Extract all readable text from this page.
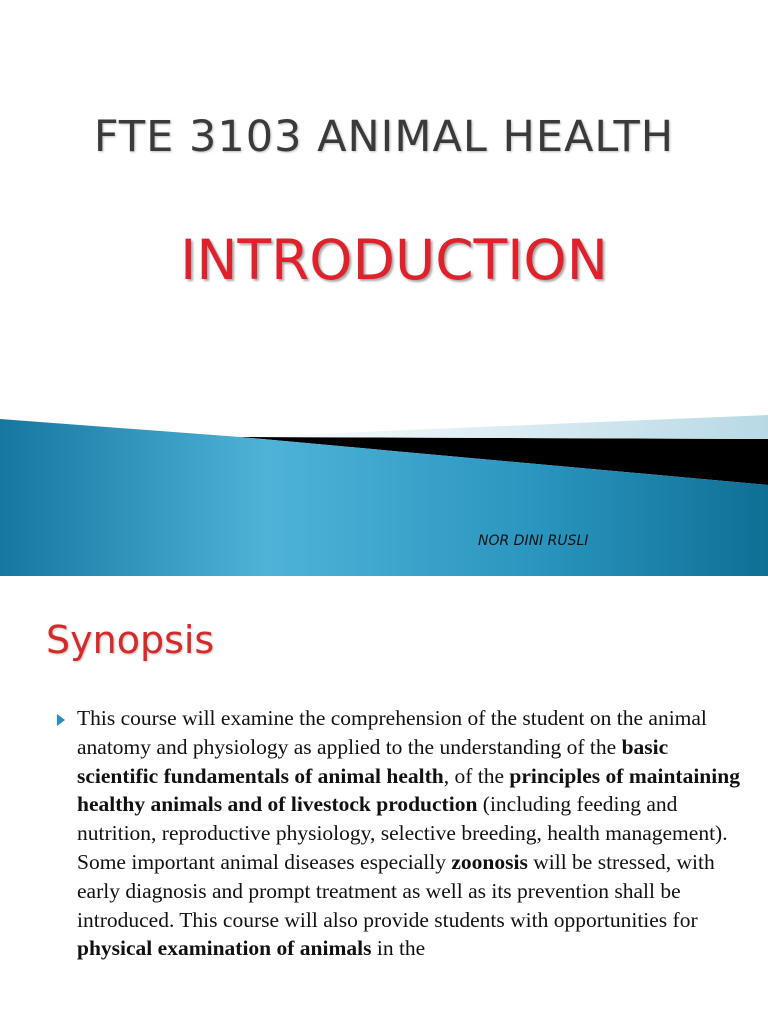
FTE 3103 ANIMAL HEALTH
INTRODUCTION
NOR DINI RUSLI
Synopsis
This course will examine the comprehension of the student on the animal anatomy and physiology as applied to the understanding of the basic scientific fundamentals of animal health, of the principles of maintaining healthy animals and of livestock production (including feeding and nutrition, reproductive physiology, selective breeding, health management). Some important animal diseases especially zoonosis will be stressed, with early diagnosis and prompt treatment as well as its prevention shall be introduced. This course will also provide students with opportunities for physical examination of animals in the
